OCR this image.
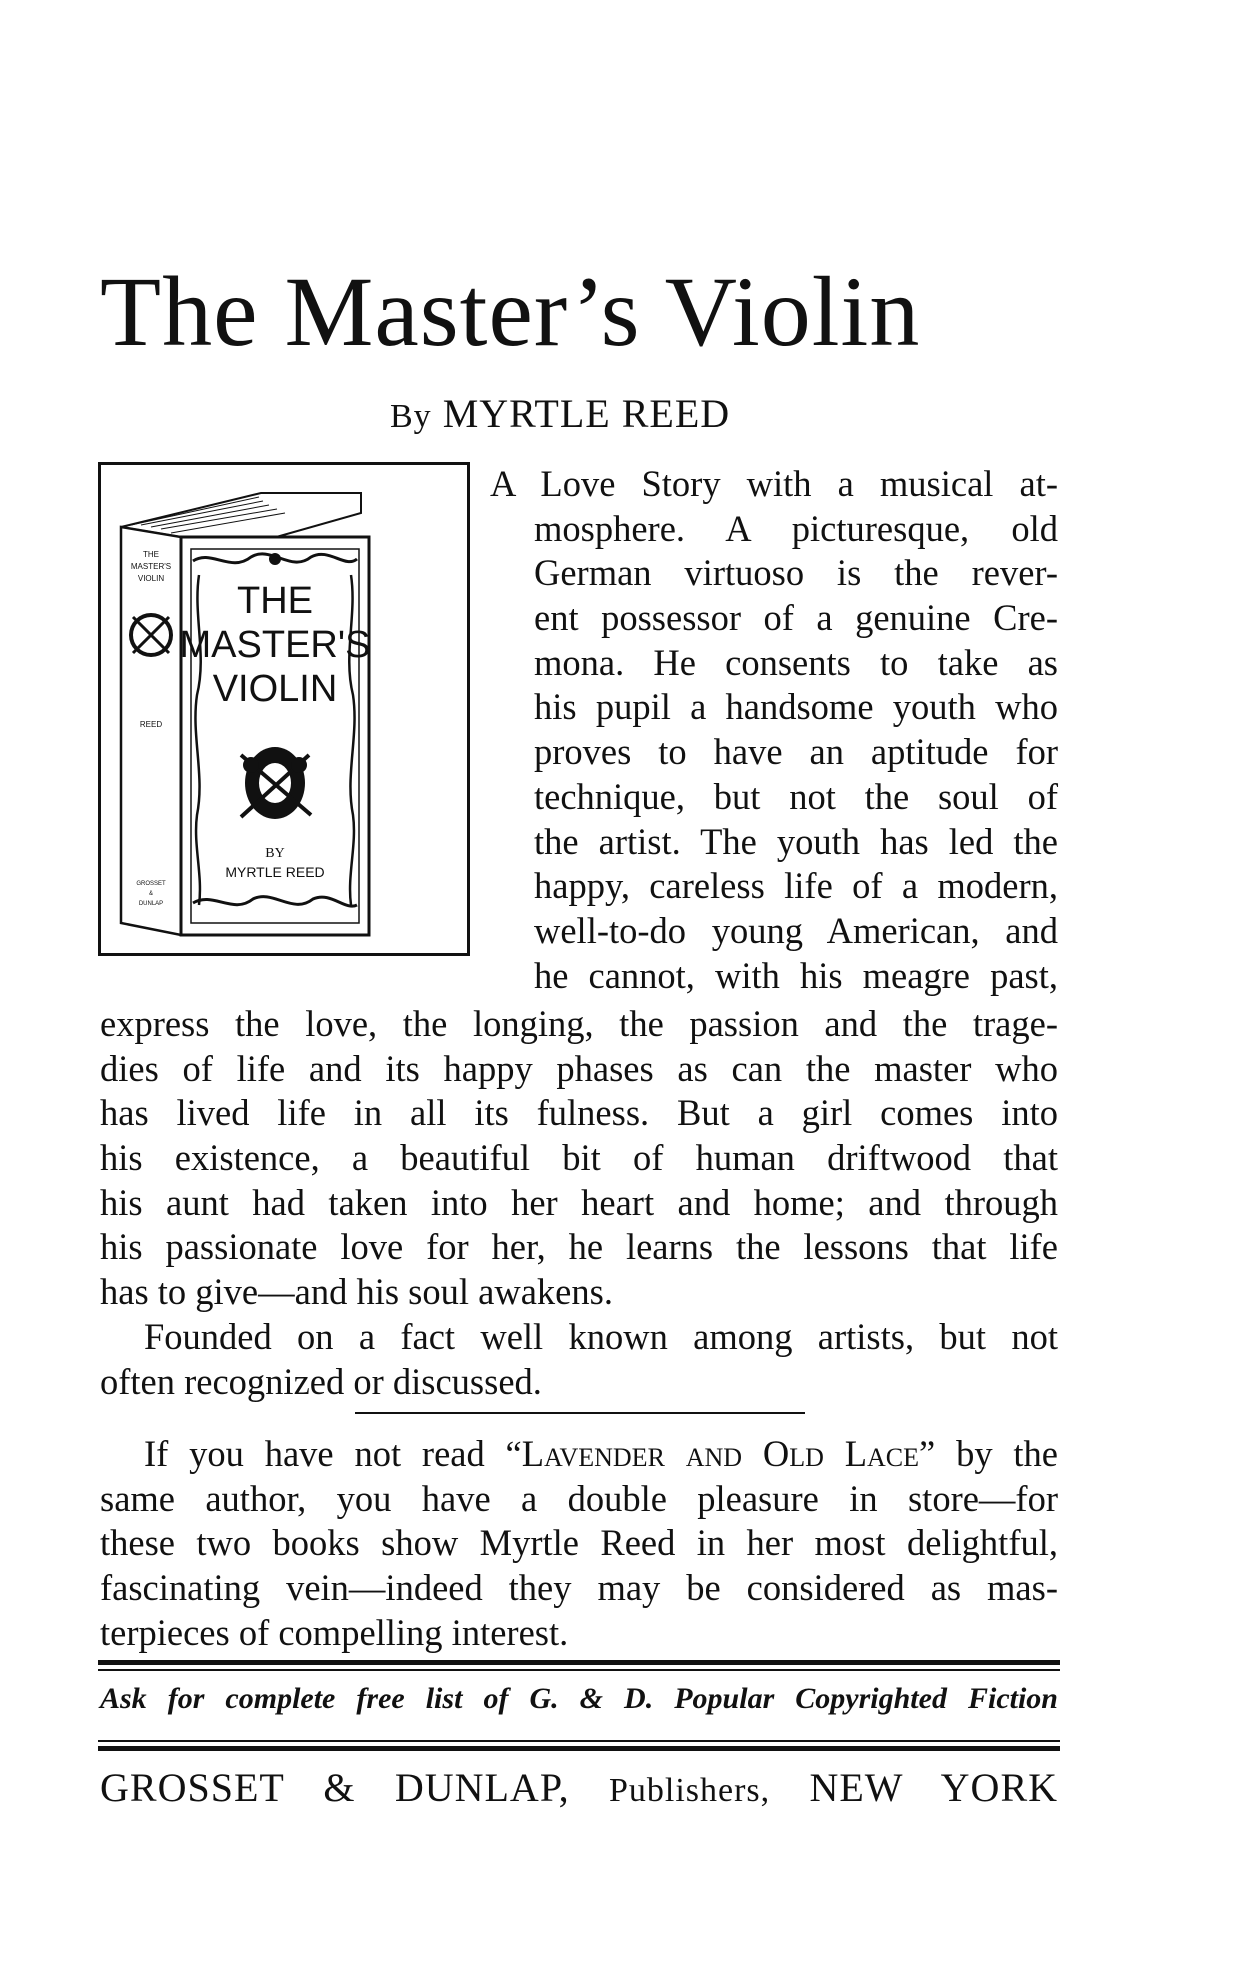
The Master’s Violin
By MYRTLE REED
THE
MASTER'S
VIOLIN
BY
MYRTLE REED
THE
MASTER'S
VIOLIN
REED
GROSSET
&
DUNLAP
A Love Story with a musical at-
mosphere. A picturesque, old
German virtuoso is the rever-
ent possessor of a genuine Cre-
mona. He consents to take as
his pupil a handsome youth who
proves to have an aptitude for
technique, but not the soul of
the artist. The youth has led the
happy, careless life of a modern,
well-to-do young American, and
he cannot, with his meagre past,
express the love, the longing, the passion and the trage-
dies of life and its happy phases as can the master who
has lived life in all its fulness. But a girl comes into
his existence, a beautiful bit of human driftwood that
his aunt had taken into her heart and home; and through
his passionate love for her, he learns the lessons that life
has to give—and his soul awakens.
Founded on a fact well known among artists, but not
often recognized or discussed.
If you have not read “Lavender and Old Lace” by the
same author, you have a double pleasure in store—for
these two books show Myrtle Reed in her most delightful,
fascinating vein—indeed they may be considered as mas-
terpieces of compelling interest.
Ask for complete free list of G. & D. Popular Copyrighted Fiction
GROSSET & DUNLAP, Publishers, NEW YORK
